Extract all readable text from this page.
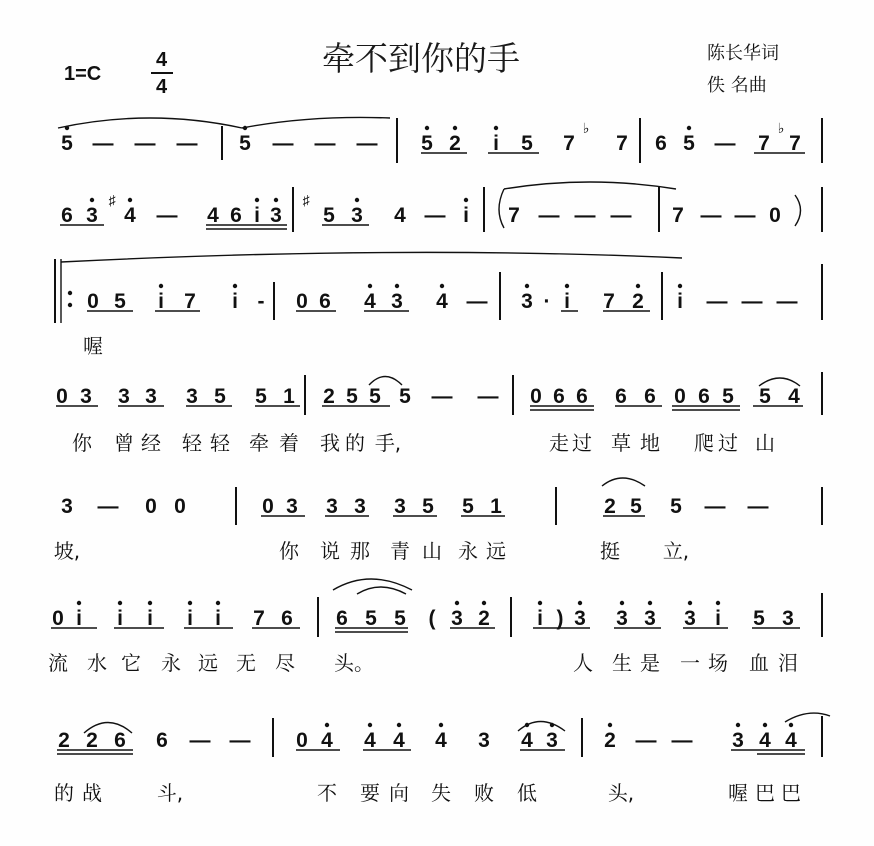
牵不到你的手
1=C
4
4
陈长华词
佚 名曲
5 — — — 5 — — — 5 2 i 5 7
♭
7 6 5 — 7
♭
7
6 3
♯
4 — 4 6 i 3
♯
5 3 4 — i 7 — — — 7 — — 0
0 5 i 7 i - 0 6 4 3 4 — 3 · i 7 2 i — — —
喔
0 3 3 3 3 5 5 1 2 5 5 5 — — 0 6 6 6 6 0 6 5 5 4
你 曾 经 轻 轻 牵 着 我 的 手,	走 过 草 地 爬 过 山
3 — 0 0	0 3 3 3 3 5 5 1	2 5 5 — —
坡,	你 说 那 青 山 永 远	挺 立,
0 i i i i i 7 6 6 5 5 ( 3 2 i ) 3 3 3 3 i 5 3
流 水 它 永 远 无 尽 头。	人 生 是 一 场 血 泪
2 2 6 6 — — 0 4 4 4 4 3 4 3 2 — — 3 4 4
的 战	斗,	不 要 向 失 败 低	头,	喔 巴 巴
